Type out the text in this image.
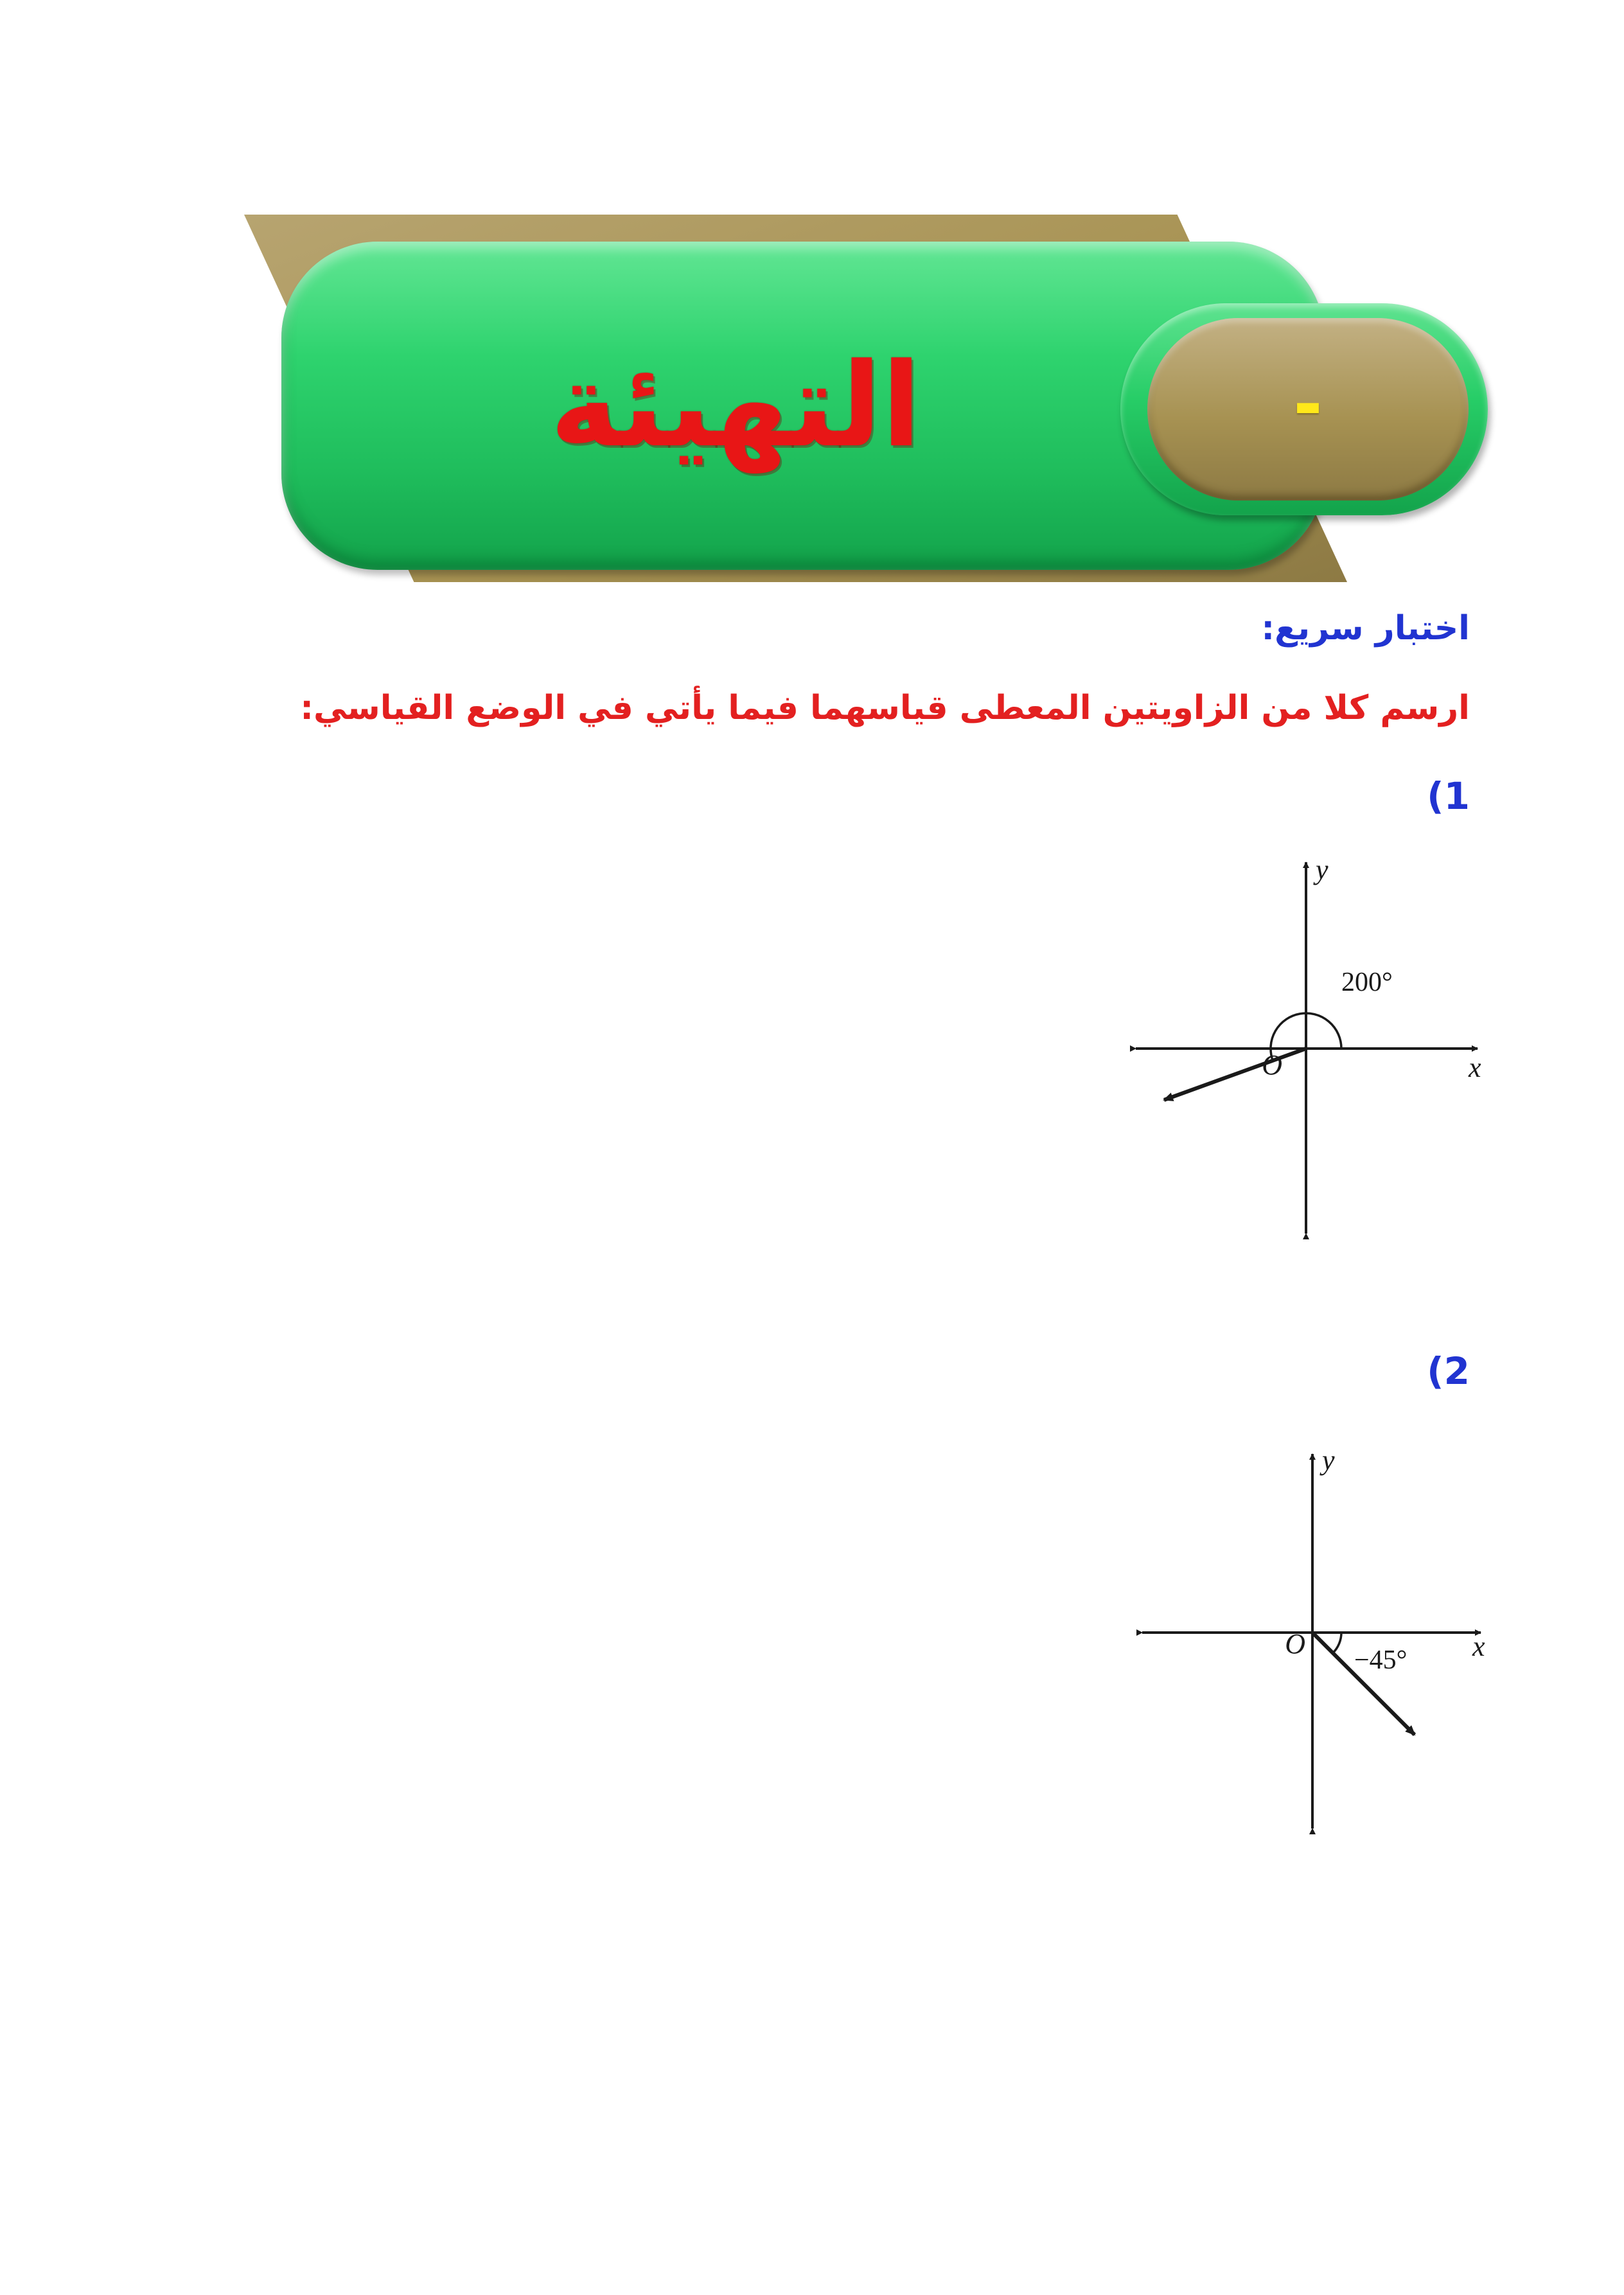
التهيئة	-
اختبار سريع:
ارسم كلا من الزاويتين المعطى قياسهما فيما يأتي في الوضع القياسي:
(1
(2
y
x
O
200°
y
x
O
−45°
